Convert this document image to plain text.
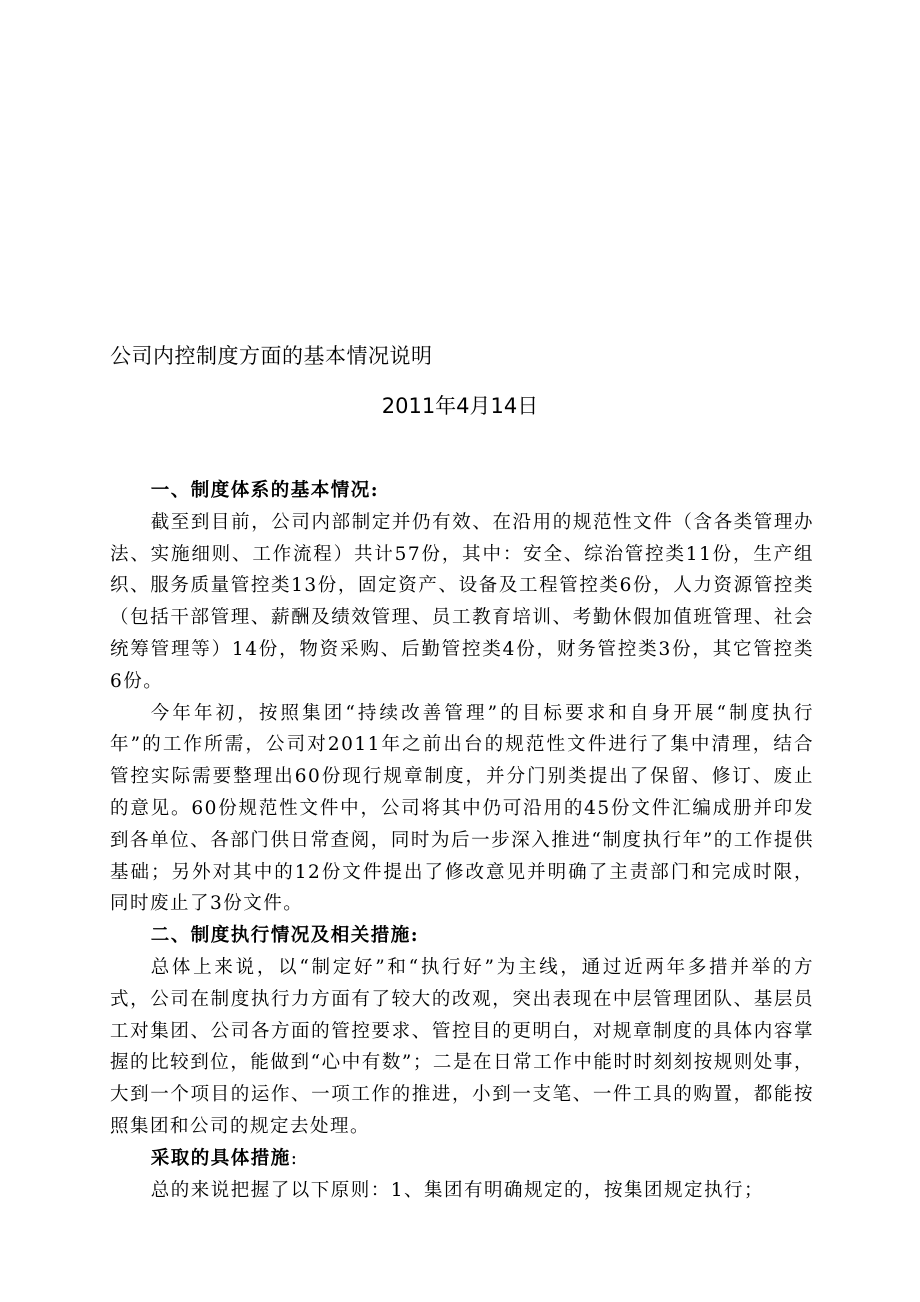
公司内控制度方面的基本情况说明
2011年4月14日

一、制度体系的基本情况:

截至到目前，公司内部制定并仍有效、在沿用的规范性文件（含各类管理办法、实施细则、工作流程）共计57份，其中：安全、综治管控类11份，生产组织、服务质量管控类13份，固定资产、设备及工程管控类6份，人力资源管控类（包括干部管理、薪酬及绩效管理、员工教育培训、考勤休假加值班管理、社会统筹管理等）14份，物资采购、后勤管控类4份，财务管控类3份，其它管控类6份。

今年年初，按照集团“持续改善管理”的目标要求和自身开展“制度执行年”的工作所需，公司对2011年之前出台的规范性文件进行了集中清理，结合管控实际需要整理出60份现行规章制度，并分门别类提出了保留、修订、废止的意见。60份规范性文件中，公司将其中仍可沿用的45份文件汇编成册并印发到各单位、各部门供日常查阅，同时为后一步深入推进“制度执行年”的工作提供基础；另外对其中的12份文件提出了修改意见并明确了主责部门和完成时限，同时废止了3份文件。

二、制度执行情况及相关措施:

总体上来说，以“制定好”和“执行好”为主线，通过近两年多措并举的方式，公司在制度执行力方面有了较大的改观，突出表现在中层管理团队、基层员工对集团、公司各方面的管控要求、管控目的更明白，对规章制度的具体内容掌握的比较到位，能做到“心中有数”；二是在日常工作中能时时刻刻按规则处事，大到一个项目的运作、一项工作的推进，小到一支笔、一件工具的购置，都能按照集团和公司的规定去处理。

采取的具体措施:

总的来说把握了以下原则：1、集团有明确规定的，按集团规定执行；
